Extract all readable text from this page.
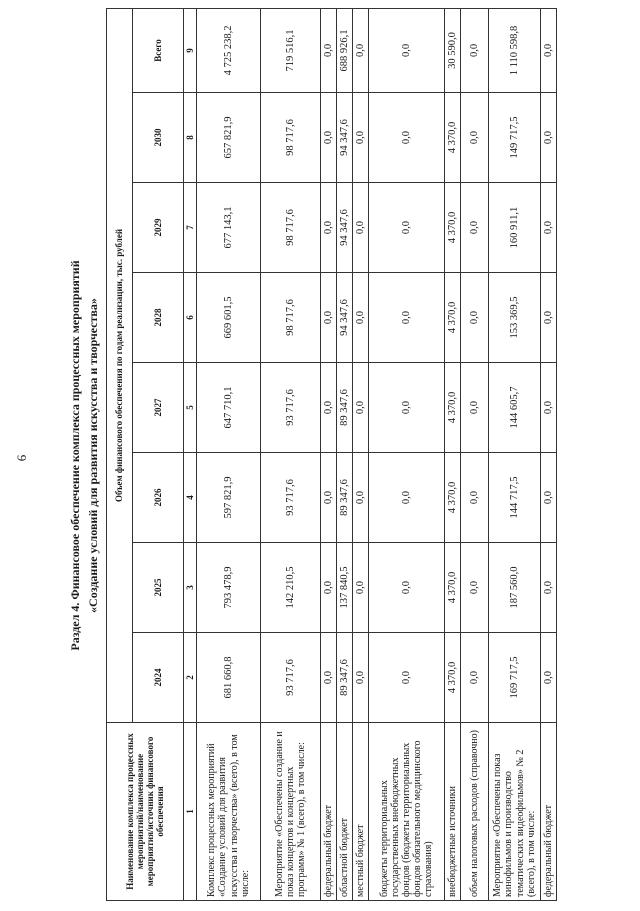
6	Раздел 4. Финансовое обеспечение комплекса процессных мероприятий «Создание условий для развития искусства и творчества»
Наименование комплекса процессных мероприятий/наименование мероприятия/источник финансового обеспечения	Объем финансового обеспечения по годам реализации, тыс. рублей							
	2024	2025	2026	2027	2028	2029	2030	Всего
1	2	3	4	5	6	7	8	9
Комплекс процессных мероприятий «Создание условий для развития искусства и творчества» (всего), в том числе:	681 660,8	793 478,9	597 821,9	647 710,1	669 601,5	677 143,1	657 821,9	4 725 238,2
Мероприятие «Обеспечены создание и показ концертов и концертных программ» № 1 (всего), в том числе:	93 717,6	142 210,5	93 717,6	93 717,6	98 717,6	98 717,6	98 717,6	719 516,1
федеральный бюджет	0,0	0,0	0,0	0,0	0,0	0,0	0,0	0,0
областной бюджет	89 347,6	137 840,5	89 347,6	89 347,6	94 347,6	94 347,6	94 347,6	688 926,1
местный бюджет	0,0	0,0	0,0	0,0	0,0	0,0	0,0	0,0
бюджеты территориальных государственных внебюджетных фондов (бюджеты территориальных фондов обязательного медицинского страхования)	0,0	0,0	0,0	0,0	0,0	0,0	0,0	0,0
внебюджетные источники	4 370,0	4 370,0	4 370,0	4 370,0	4 370,0	4 370,0	4 370,0	30 590,0
объем налоговых расходов (справочно)	0,0	0,0	0,0	0,0	0,0	0,0	0,0	0,0
Мероприятие «Обеспечены показ кинофильмов и производство тематических видеофильмов» № 2 (всего), в том числе:	169 717,5	187 560,0	144 717,5	144 605,7	153 369,5	160 911,1	149 717,5	1 110 598,8
федеральный бюджет	0,0	0,0	0,0	0,0	0,0	0,0	0,0	0,0
